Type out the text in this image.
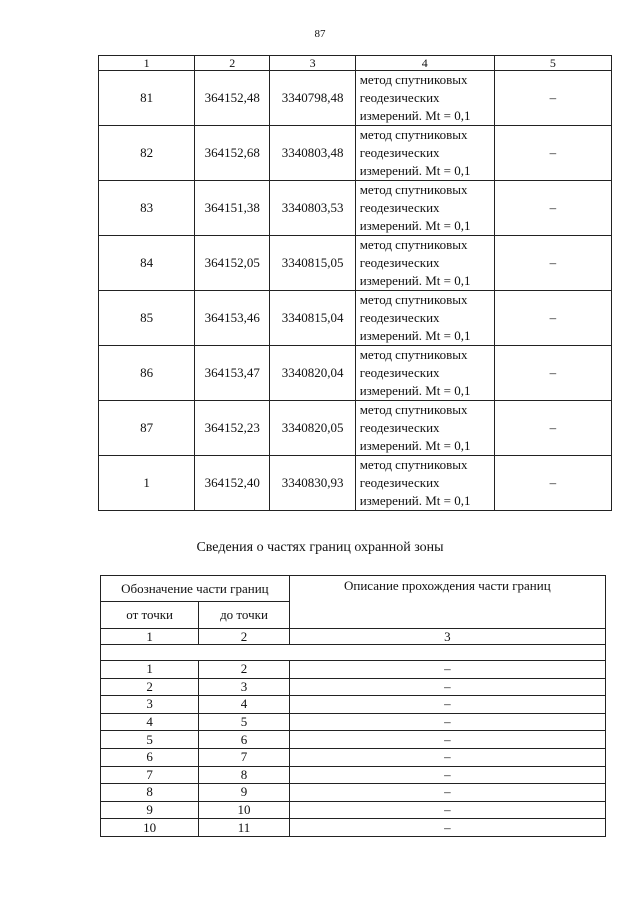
87
1	2	3	4	5
81	364152,48	3340798,48	метод спутниковых
геодезических
измерений. Mt = 0,1	–
82	364152,68	3340803,48	метод спутниковых
геодезических
измерений. Mt = 0,1	–
83	364151,38	3340803,53	метод спутниковых
геодезических
измерений. Mt = 0,1	–
84	364152,05	3340815,05	метод спутниковых
геодезических
измерений. Mt = 0,1	–
85	364153,46	3340815,04	метод спутниковых
геодезических
измерений. Mt = 0,1	–
86	364153,47	3340820,04	метод спутниковых
геодезических
измерений. Mt = 0,1	–
87	364152,23	3340820,05	метод спутниковых
геодезических
измерений. Mt = 0,1	–
1	364152,40	3340830,93	метод спутниковых
геодезических
измерений. Mt = 0,1	–
Сведения о частях границ охранной зоны
Обозначение части границ		Описание прохождения части границ
от точки	до точки	
1	2	3

1	2	–
2	3	–
3	4	–
4	5	–
5	6	–
6	7	–
7	8	–
8	9	–
9	10	–
10	11	–
